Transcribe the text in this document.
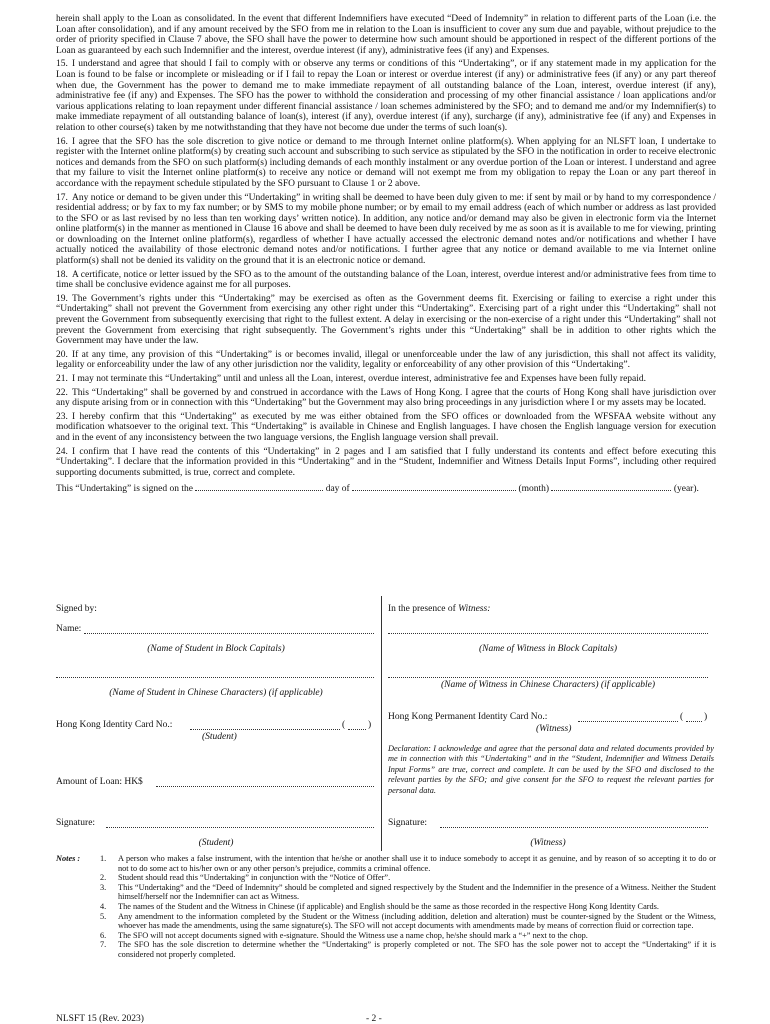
herein shall apply to the Loan as consolidated. In the event that different Indemnifiers have executed “Deed of Indemnity” in relation to different parts of the Loan (i.e. the Loan after consolidation), and if any amount received by the SFO from me in relation to the Loan is insufficient to cover any sum due and payable, without prejudice to the order of priority specified in Clause 7 above, the SFO shall have the power to determine how such amount should be apportioned in respect of the different portions of the Loan as guaranteed by each such Indemnifier and the interest, overdue interest (if any), administrative fees (if any) and Expenses.

15. I understand and agree that should I fail to comply with or observe any terms or conditions of this “Undertaking”, or if any statement made in my application for the Loan is found to be false or incomplete or misleading or if I fail to repay the Loan or interest or overdue interest (if any) or administrative fees (if any) or any part thereof when due, the Government has the power to demand me to make immediate repayment of all outstanding balance of the Loan, interest, overdue interest (if any), administrative fee (if any) and Expenses. The SFO has the power to withhold the consideration and processing of my other financial assistance / loan applications and/or various applications relating to loan repayment under different financial assistance / loan schemes administered by the SFO; and to demand me and/or my Indemnifier(s) to make immediate repayment of all outstanding balance of loan(s), interest (if any), overdue interest (if any), surcharge (if any), administrative fee (if any) and Expenses in relation to other course(s) taken by me notwithstanding that they have not become due under the terms of such loan(s).

16. I agree that the SFO has the sole discretion to give notice or demand to me through Internet online platform(s). When applying for an NLSFT loan, I undertake to register with the Internet online platform(s) by creating such account and subscribing to such service as stipulated by the SFO in the notification in order to receive electronic notices and demands from the SFO on such platform(s) including demands of each monthly instalment or any overdue portion of the Loan or interest. I understand and agree that my failure to visit the Internet online platform(s) to receive any notice or demand will not exempt me from my obligation to repay the Loan or any part thereof in accordance with the repayment schedule stipulated by the SFO pursuant to Clause 1 or 2 above.

17. Any notice or demand to be given under this “Undertaking” in writing shall be deemed to have been duly given to me: if sent by mail or by hand to my correspondence / residential address; or by fax to my fax number; or by SMS to my mobile phone number; or by email to my email address (each of which number or address as last provided to the SFO or as last revised by no less than ten working days’ written notice). In addition, any notice and/or demand may also be given in electronic form via the Internet online platform(s) in the manner as mentioned in Clause 16 above and shall be deemed to have been duly received by me as soon as it is available to me for viewing, printing or downloading on the Internet online platform(s), regardless of whether I have actually accessed the electronic demand notes and/or notifications and whether I have actually noticed the availability of those electronic demand notes and/or notifications. I further agree that any notice or demand available to me via Internet online platform(s) shall not be denied its validity on the ground that it is an electronic notice or demand.

18. A certificate, notice or letter issued by the SFO as to the amount of the outstanding balance of the Loan, interest, overdue interest and/or administrative fees from time to time shall be conclusive evidence against me for all purposes.

19. The Government’s rights under this “Undertaking” may be exercised as often as the Government deems fit. Exercising or failing to exercise a right under this “Undertaking” shall not prevent the Government from exercising any other right under this “Undertaking”. Exercising part of a right under this “Undertaking” shall not prevent the Government from subsequently exercising that right to the fullest extent. A delay in exercising or the non-exercise of a right under this “Undertaking” shall not prevent the Government from exercising that right subsequently. The Government’s rights under this “Undertaking” shall be in addition to other rights which the Government may have under the law.

20. If at any time, any provision of this “Undertaking” is or becomes invalid, illegal or unenforceable under the law of any jurisdiction, this shall not affect its validity, legality or enforceability under the law of any other jurisdiction nor the validity, legality or enforceability of any other provision of this “Undertaking”.

21. I may not terminate this “Undertaking” until and unless all the Loan, interest, overdue interest, administrative fee and Expenses have been fully repaid.

22. This “Undertaking” shall be governed by and construed in accordance with the Laws of Hong Kong. I agree that the courts of Hong Kong shall have jurisdiction over any dispute arising from or in connection with this “Undertaking” but the Government may also bring proceedings in any jurisdiction where I or my assets may be located.

23. I hereby confirm that this “Undertaking” as executed by me was either obtained from the SFO offices or downloaded from the WFSFAA website without any modification whatsoever to the original text. This “Undertaking” is available in Chinese and English languages. I have chosen the English language version for execution and in the event of any inconsistency between the two language versions, the English language version shall prevail.

24. I confirm that I have read the contents of this “Undertaking” in 2 pages and I am satisfied that I fully understand its contents and effect before executing this “Undertaking”. I declare that the information provided in this “Undertaking” and in the “Student, Indemnifier and Witness Details Input Forms”, including other required supporting documents submitted, is true, correct and complete.

This “Undertaking” is signed on the	day of	(month)	(year).
Signed by:
Name:
(Name of Student in Block Capitals)
(Name of Student in Chinese Characters) (if applicable)
Hong Kong Identity Card No.:	( )
(Student)
Amount of Loan: HK$
Signature:
(Student)
In the presence of Witness:
(Name of Witness in Block Capitals)
(Name of Witness in Chinese Characters) (if applicable)
Hong Kong Permanent Identity Card No.:	( )
(Witness)
Declaration: I acknowledge and agree that the personal data and related documents provided by me in connection with this “Undertaking” and in the “Student, Indemnifier and Witness Details Input Forms” are true, correct and complete. It can be used by the SFO and disclosed to the relevant parties by the SFO; and give consent for the SFO to request the relevant parties for personal data.
Signature:
(Witness)
Notes : 1. A person who makes a false instrument, with the intention that he/she or another shall use it to induce somebody to accept it as genuine, and by reason of so accepting it to do or not to do some act to his/her own or any other person’s prejudice, commits a criminal offence.
2. Student should read this “Undertaking” in conjunction with the “Notice of Offer”.
3. This “Undertaking” and the “Deed of Indemnity” should be completed and signed respectively by the Student and the Indemnifier in the presence of a Witness. Neither the Student himself/herself nor the Indemnifier can act as Witness.
4. The names of the Student and the Witness in Chinese (if applicable) and English should be the same as those recorded in the respective Hong Kong Identity Cards.
5. Any amendment to the information completed by the Student or the Witness (including addition, deletion and alteration) must be counter-signed by the Student or the Witness, whoever has made the amendments, using the same signature(s). The SFO will not accept documents with amendments made by means of correction fluid or correction tape.
6. The SFO will not accept documents signed with e-signature. Should the Witness use a name chop, he/she should mark a “+” next to the chop.
7. The SFO has the sole discretion to determine whether the “Undertaking” is properly completed or not. The SFO has the sole power not to accept the “Undertaking” if it is considered not properly completed.
NLSFT 15 (Rev. 2023)	- 2 -
